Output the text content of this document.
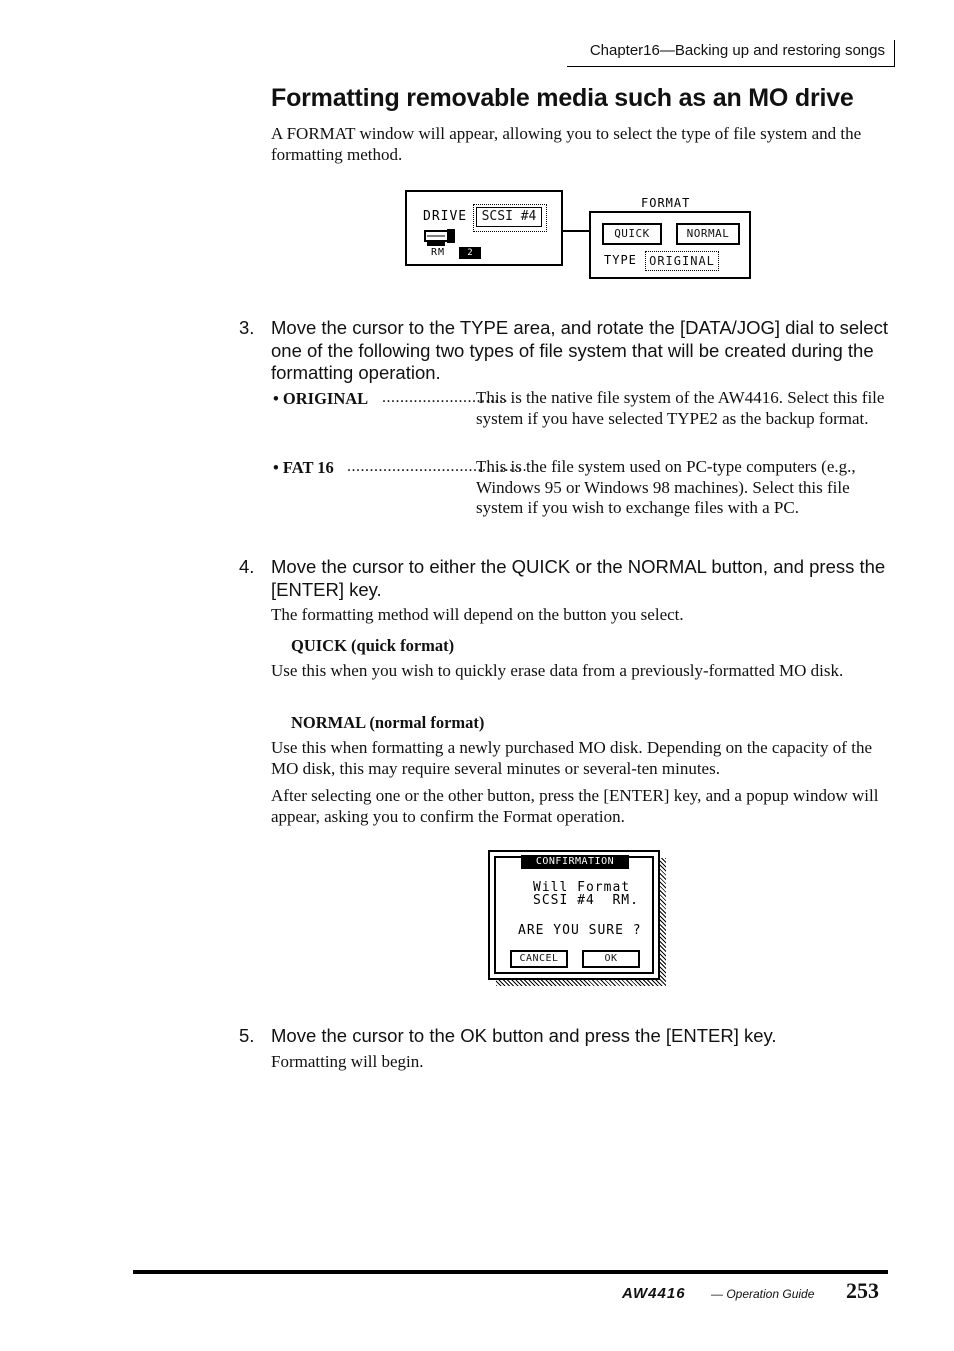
Chapter16—Backing up and restoring songs
Formatting removable media such as an MO drive
A FORMAT window will appear, allowing you to select the type of file system and the formatting method.
DRIVE	SCSI #4
RM	2
FORMAT
QUICK	NORMAL
TYPE	ORIGINAL
3. Move the cursor to the TYPE area, and rotate the [DATA/JOG] dial to select one of the following two types of file system that will be created during the formatting operation.
• ORIGINAL ............................
This is the native file system of the AW4416. Select this file system if you have selected TYPE2 as the backup format.
• FAT 16 ........................................
This is the file system used on PC-type computers (e.g., Windows 95 or Windows 98 machines). Select this file system if you wish to exchange files with a PC.
4. Move the cursor to either the QUICK or the NORMAL button, and press the [ENTER] key.
The formatting method will depend on the button you select.
QUICK (quick format)
Use this when you wish to quickly erase data from a previously-formatted MO disk.
NORMAL (normal format)
Use this when formatting a newly purchased MO disk. Depending on the capacity of the MO disk, this may require several minutes or several-ten minutes.
After selecting one or the other button, press the [ENTER] key, and a popup window will appear, asking you to confirm the Format operation.
CONFIRMATION
Will Format
SCSI #4  RM.
ARE YOU SURE ?
CANCEL	OK
5. Move the cursor to the OK button and press the [ENTER] key.
Formatting will begin.
AW4416 — Operation Guide 253
